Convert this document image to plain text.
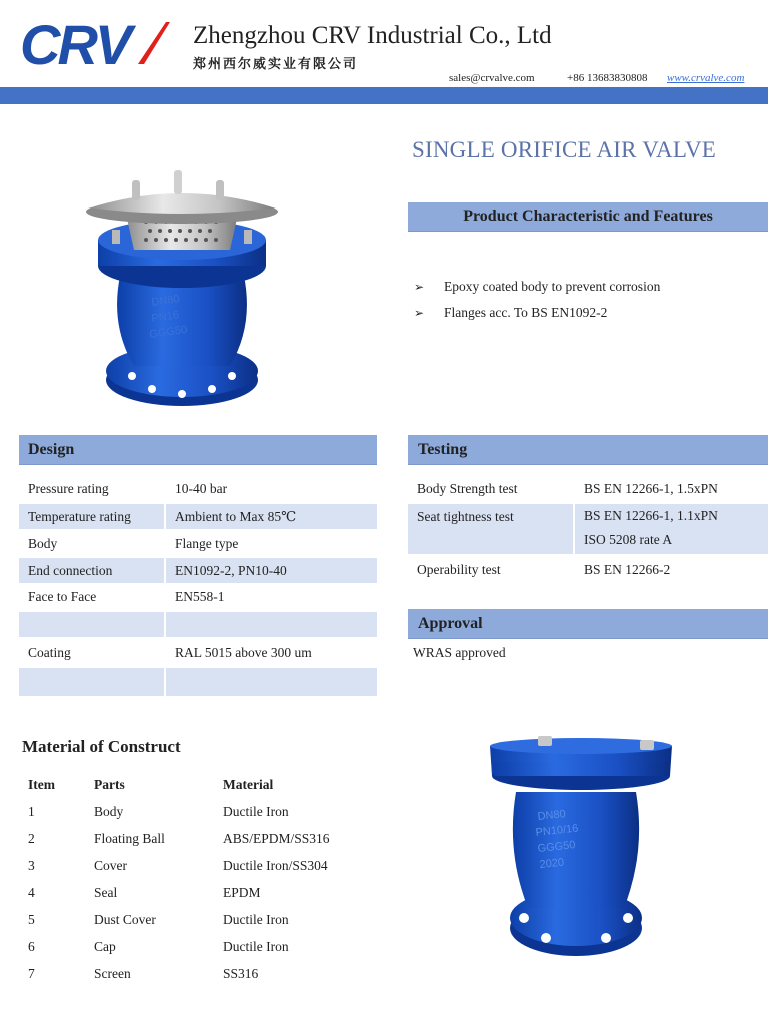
CRV	Zhengzhou CRV Industrial Co., Ltd
郑州西尔威实业有限公司
sales@crvalve.com	+86 13683830808 www.crvalve.com
SINGLE ORIFICE AIR VALVE
DN80
PN16
GGG50
Product Characteristic and Features
➢ Epoxy coated body to prevent corrosion
➢ Flanges acc. To BS EN1092-2
Design
Pressure rating	10-40 bar
Temperature rating	Ambient to Max 85℃
Body	Flange type
End connection	EN1092-2, PN10-40
Face to Face	EN558-1

Coating	RAL 5015 above 300 um

Testing
Body Strength test	BS EN 12266-1, 1.5xPN
Seat tightness test	BS EN 12266-1, 1.1xPN
ISO 5208 rate A
Operability test	BS EN 12266-2
Approval
WRAS approved
Material of Construct
Item	Parts	Material
1	Body	Ductile Iron
2	Floating Ball	ABS/EPDM/SS316
3	Cover	Ductile Iron/SS304
4	Seal	EPDM
5	Dust Cover	Ductile Iron
6	Cap	Ductile Iron
7	Screen	SS316
DN80
PN10/16
GGG50
2020
